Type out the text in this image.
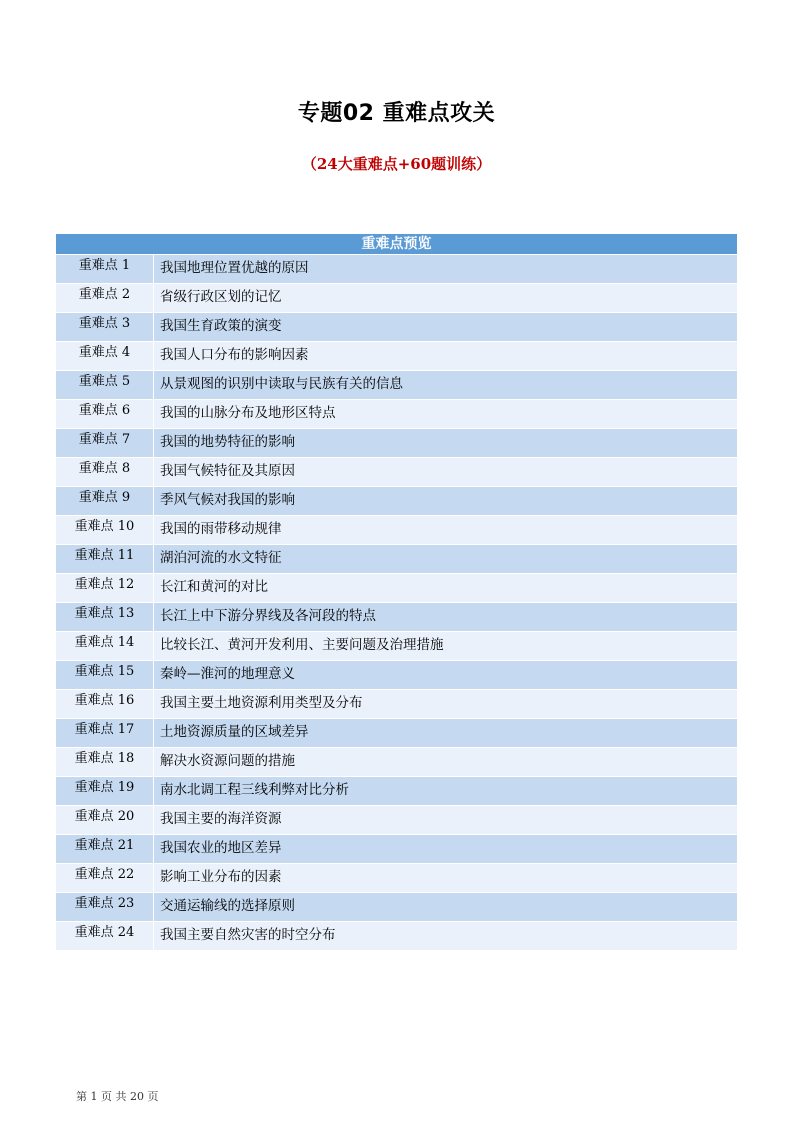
专题02 重难点攻关
（24大重难点+60题训练）
重难点预览
重难点 1	我国地理位置优越的原因
重难点 2	省级行政区划的记忆
重难点 3	我国生育政策的演变
重难点 4	我国人口分布的影响因素
重难点 5	从景观图的识别中读取与民族有关的信息
重难点 6	我国的山脉分布及地形区特点
重难点 7	我国的地势特征的影响
重难点 8	我国气候特征及其原因
重难点 9	季风气候对我国的影响
重难点 10	我国的雨带移动规律
重难点 11	湖泊河流的水文特征
重难点 12	长江和黄河的对比
重难点 13	长江上中下游分界线及各河段的特点
重难点 14	比较长江、黄河开发利用、主要问题及治理措施
重难点 15	秦岭—淮河的地理意义
重难点 16	我国主要土地资源利用类型及分布
重难点 17	土地资源质量的区域差异
重难点 18	解决水资源问题的措施
重难点 19	南水北调工程三线利弊对比分析
重难点 20	我国主要的海洋资源
重难点 21	我国农业的地区差异
重难点 22	影响工业分布的因素
重难点 23	交通运输线的选择原则
重难点 24	我国主要自然灾害的时空分布
第 1 页 共 20 页
